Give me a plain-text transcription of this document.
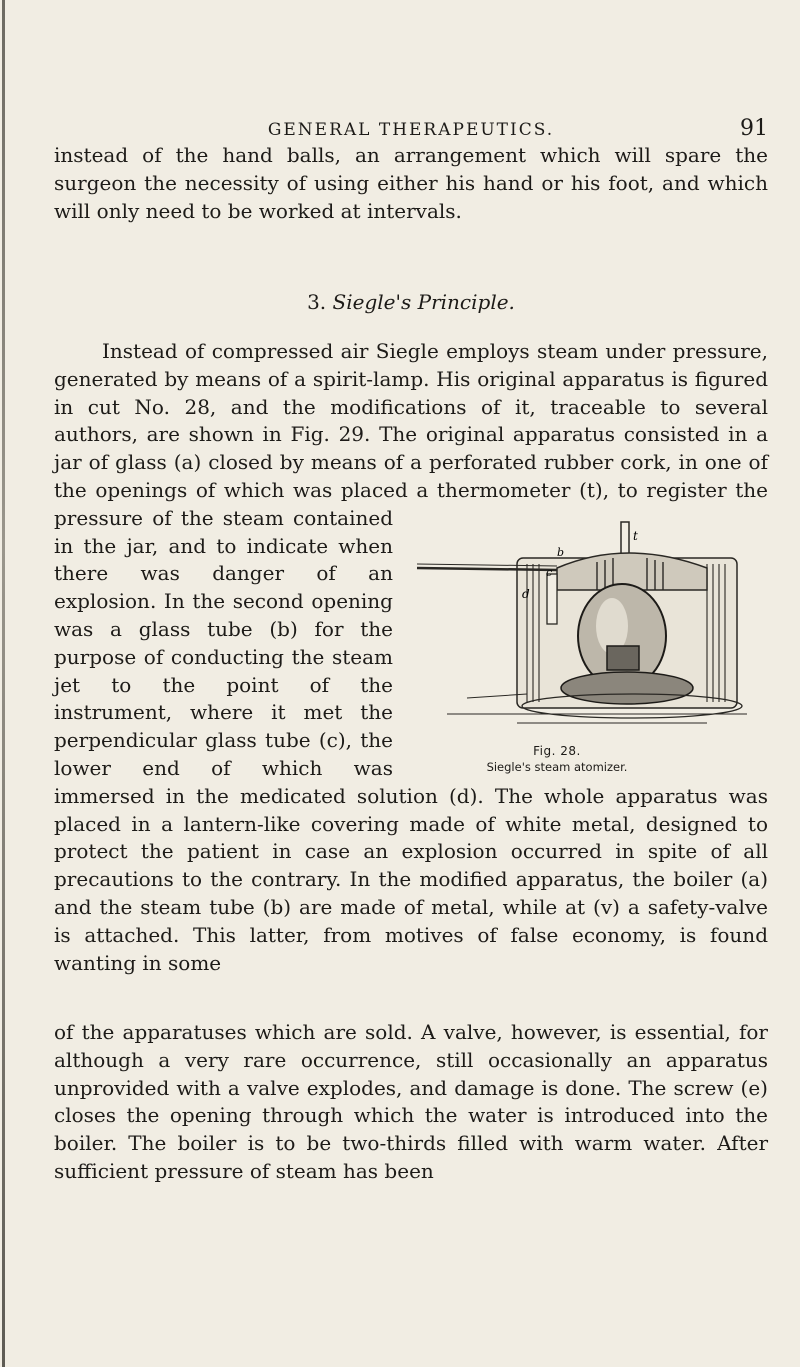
GENERAL THERAPEUTICS.	91

instead of the hand balls, an arrangement which will spare the surgeon the necessity of using either his hand or his foot, and which will only need to be worked at intervals.

3. Siegle's Principle.

b
t
c
d
Fig. 28.
Siegle's steam atomizer.

Instead of compressed air Siegle employs steam under pressure, generated by means of a spirit-lamp. His original apparatus is figured in cut No. 28, and the modifications of it, traceable to several authors, are shown in Fig. 29. The original apparatus consisted in a jar of glass (a) closed by means of a perforated rubber cork, in one of the openings of which was placed a thermometer (t), to register the pressure of the steam contained in the jar, and to indicate when there was danger of an explosion. In the second opening was a glass tube (b) for the purpose of conducting the steam jet to the point of the instrument, where it met the perpendicular glass tube (c), the lower end of which was immersed in the medicated solution (d). The whole apparatus was placed in a lantern-like covering made of white metal, designed to protect the patient in case an explosion occurred in spite of all precautions to the contrary. In the modified apparatus, the boiler (a) and the steam tube (b) are made of metal, while at (v) a safety-valve is attached. This latter, from motives of false economy, is found wanting in some

of the apparatuses which are sold. A valve, however, is essential, for although a very rare occurrence, still occasionally an apparatus unprovided with a valve explodes, and damage is done. The screw (e) closes the opening through which the water is introduced into the boiler. The boiler is to be two-thirds filled with warm water. After sufficient pressure of steam has been
